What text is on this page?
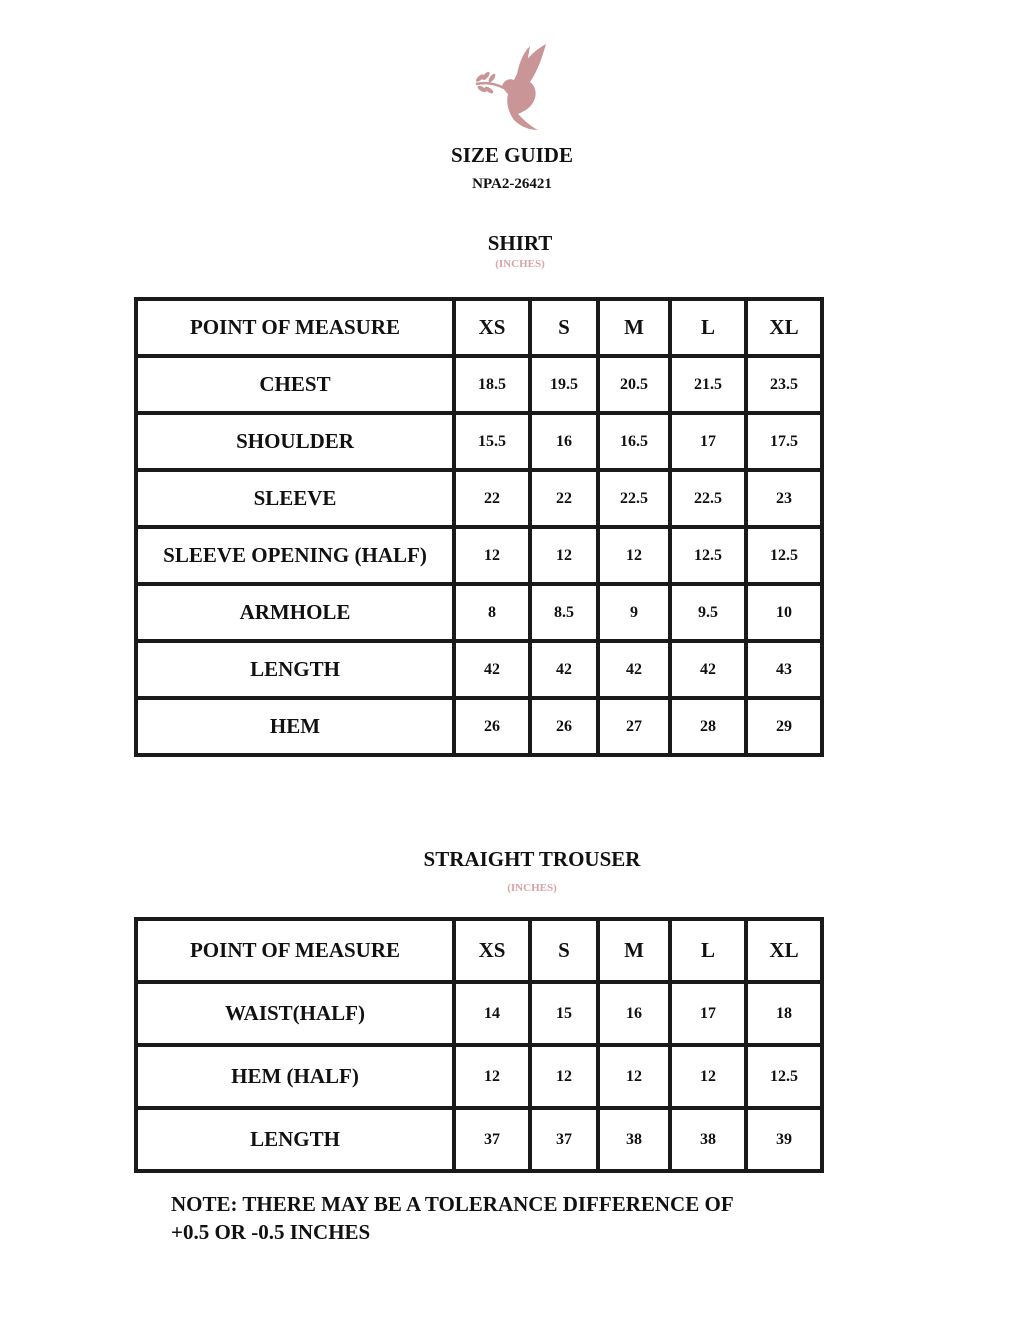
SIZE GUIDE
NPA2-26421
SHIRT
(INCHES)
POINT OF MEASURE	XS	S	M	L	XL
CHEST	18.5	19.5	20.5	21.5	23.5
SHOULDER	15.5	16	16.5	17	17.5
SLEEVE	22	22	22.5	22.5	23
SLEEVE OPENING (HALF)	12	12	12	12.5	12.5
ARMHOLE	8	8.5	9	9.5	10
LENGTH	42	42	42	42	43
HEM	26	26	27	28	29
STRAIGHT TROUSER
(INCHES)
POINT OF MEASURE	XS	S	M	L	XL
WAIST(HALF)	14	15	16	17	18
HEM (HALF)	12	12	12	12	12.5
LENGTH	37	37	38	38	39
NOTE: THERE MAY BE A TOLERANCE DIFFERENCE OF
+0.5 OR -0.5 INCHES
